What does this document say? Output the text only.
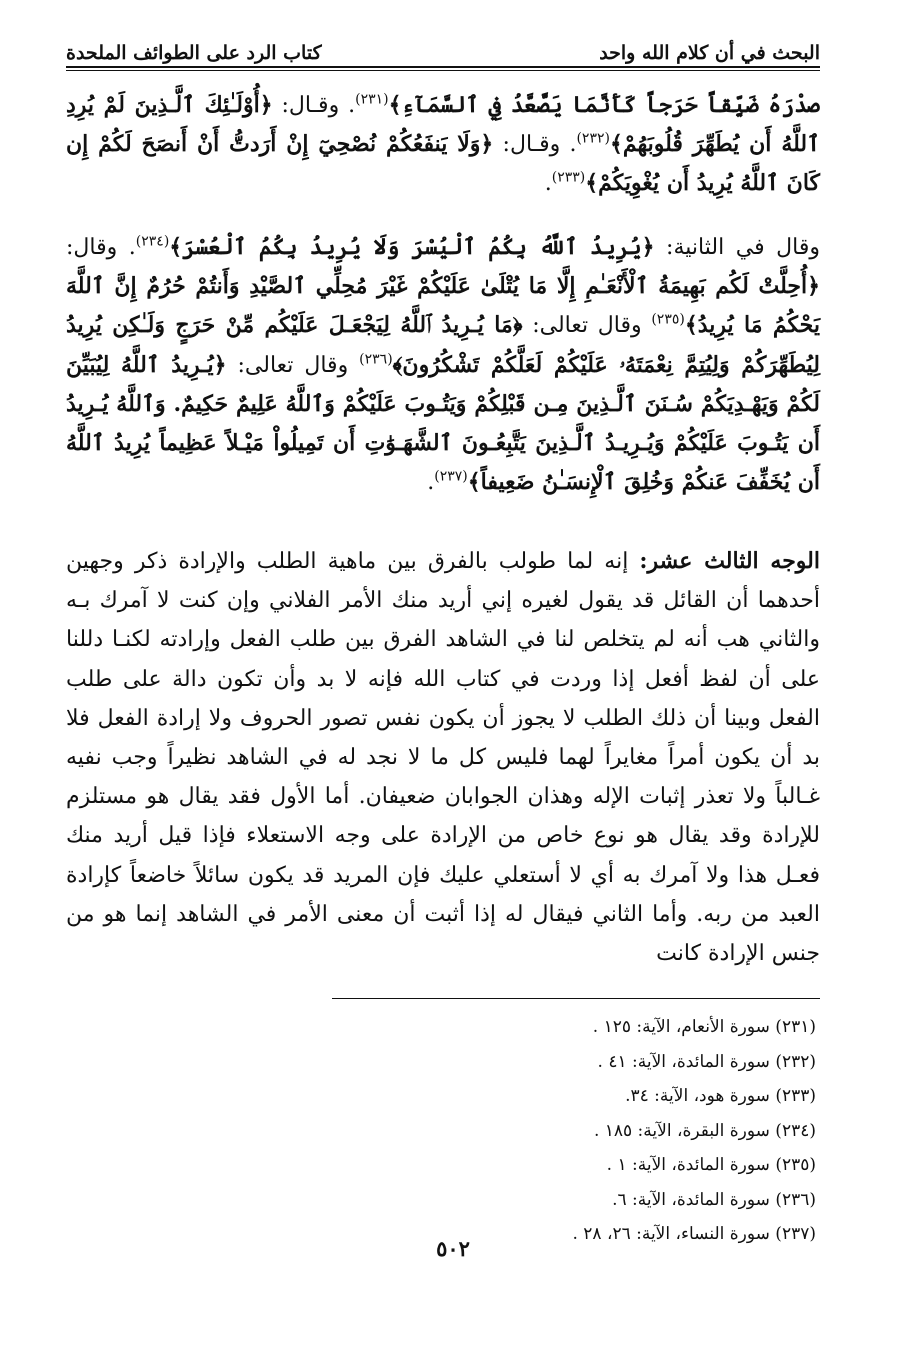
البحث في أن كلام الله واحد
كتاب الرد على الطوائف الملحدة

صدْرَهُ ضَيِّقاً حَرَجاً كَأَنَّمَا يَصَّعَّدُ فِي ٱلسَّمَآءِ﴾$^{(٢٣١)}$. وقـال: ﴿أُوْلَـٰئِكَ ٱلَّـذِينَ لَمْ يُرِدِ ٱللَّهُ أَن يُطَهِّرَ قُلُوبَهُمْ﴾$^{(٢٣٢)}$. وقـال: ﴿وَلَا يَنفَعُكُمْ نُصْحِيٓ إِنْ أَرَدتُّ أَنْ أَنصَحَ لَكُمْ إِن كَانَ ٱللَّهُ يُرِيدُ أَن يُغْوِيَكُمْ﴾$^{(٢٣٣)}$.

وقال في الثانية: ﴿يُرِيدُ ٱللَّهُ بِكُمُ ٱلْيُسْرَ وَلَا يُرِيدُ بِكُمُ ٱلْعُسْرَ﴾$^{(٢٣٤)}$. وقال: ﴿أُحِلَّتْ لَكُم بَهِيمَةُ ٱلْأَنْعَـٰمِ إِلَّا مَا يُتْلَىٰ عَلَيْكُمْ غَيْرَ مُحِلِّي ٱلصَّيْدِ وَأَنتُمْ حُرُمٌ إِنَّ ٱللَّهَ يَحْكُمُ مَا يُرِيدُ﴾$^{(٢٣٥)}$ وقال تعالى: ﴿مَا يُـرِيدُ ٱللَّهُ لِيَجْعَـلَ عَلَيْكُم مِّنْ حَرَجٍ وَلَـٰكِن يُرِيدُ لِيُطَهِّرَكُمْ وَلِيُتِمَّ نِعْمَتَهُۥ عَلَيْكُمْ لَعَلَّكُمْ تَشْكُرُونَ﴾$^{(٢٣٦)}$ وقال تعالى: ﴿يُـرِيدُ ٱللَّهُ لِيُبَيِّنَ لَكُمْ وَيَهْـدِيَكُمْ سُـنَنَ ٱلَّـذِينَ مِـن قَبْلِكُمْ وَيَتُـوبَ عَلَيْكُمْ وَٱللَّهُ عَلِيمٌ حَكِيمٌ. وَٱللَّهُ يُـرِيدُ أَن يَتُـوبَ عَلَيْكُمْ وَيُـرِيـدُ ٱلَّـذِينَ يَتَّبِعُـونَ ٱلشَّهَـوَٰتِ أَن تَمِيلُواْ مَيْـلاً عَظِيماً يُرِيدُ ٱللَّهُ أَن يُخَفِّفَ عَنكُمْ وَخُلِقَ ٱلْإِنسَـٰنُ ضَعِيفاً﴾$^{(٢٣٧)}$.

الوجه الثالث عشر: إنه لما طولب بالفرق بين ماهية الطلب والإرادة ذكر وجهين أحدهما أن القائل قد يقول لغيره إني أريد منك الأمر الفلاني وإن كنت لا آمرك بـه والثاني هب أنه لم يتخلص لنا في الشاهد الفرق بين طلب الفعل وإرادته لكنـا دللنا على أن لفظ أفعل إذا وردت في كتاب الله فإنه لا بد وأن تكون دالة على طلب الفعل وبينا أن ذلك الطلب لا يجوز أن يكون نفس تصور الحروف ولا إرادة الفعل فلا بد أن يكون أمراً مغايراً لهما فليس كل ما لا نجد له في الشاهد نظيراً وجب نفيه غـالباً ولا تعذر إثبات الإله وهذان الجوابان ضعيفان. أما الأول فقد يقال هو مستلزم للإرادة وقد يقال هو نوع خاص من الإرادة على وجه الاستعلاء فإذا قيل أريد منك فعـل هذا ولا آمرك به أي لا أستعلي عليك فإن المريد قد يكون سائلاً خاضعاً كإرادة العبد من ربه. وأما الثاني فيقال له إذا أثبت أن معنى الأمر في الشاهد إنما هو من جنس الإرادة كانت

(٢٣١) سورة الأنعام، الآية: ١٢٥ .
(٢٣٢) سورة المائدة، الآية: ٤١ .
(٢٣٣) سورة هود، الآية: ٣٤.
(٢٣٤) سورة البقرة، الآية: ١٨٥ .
(٢٣٥) سورة المائدة، الآية: ١ .
(٢٣٦) سورة المائدة، الآية: ٦.
(٢٣٧) سورة النساء، الآية: ٢٦، ٢٨ .
٥٠٢
